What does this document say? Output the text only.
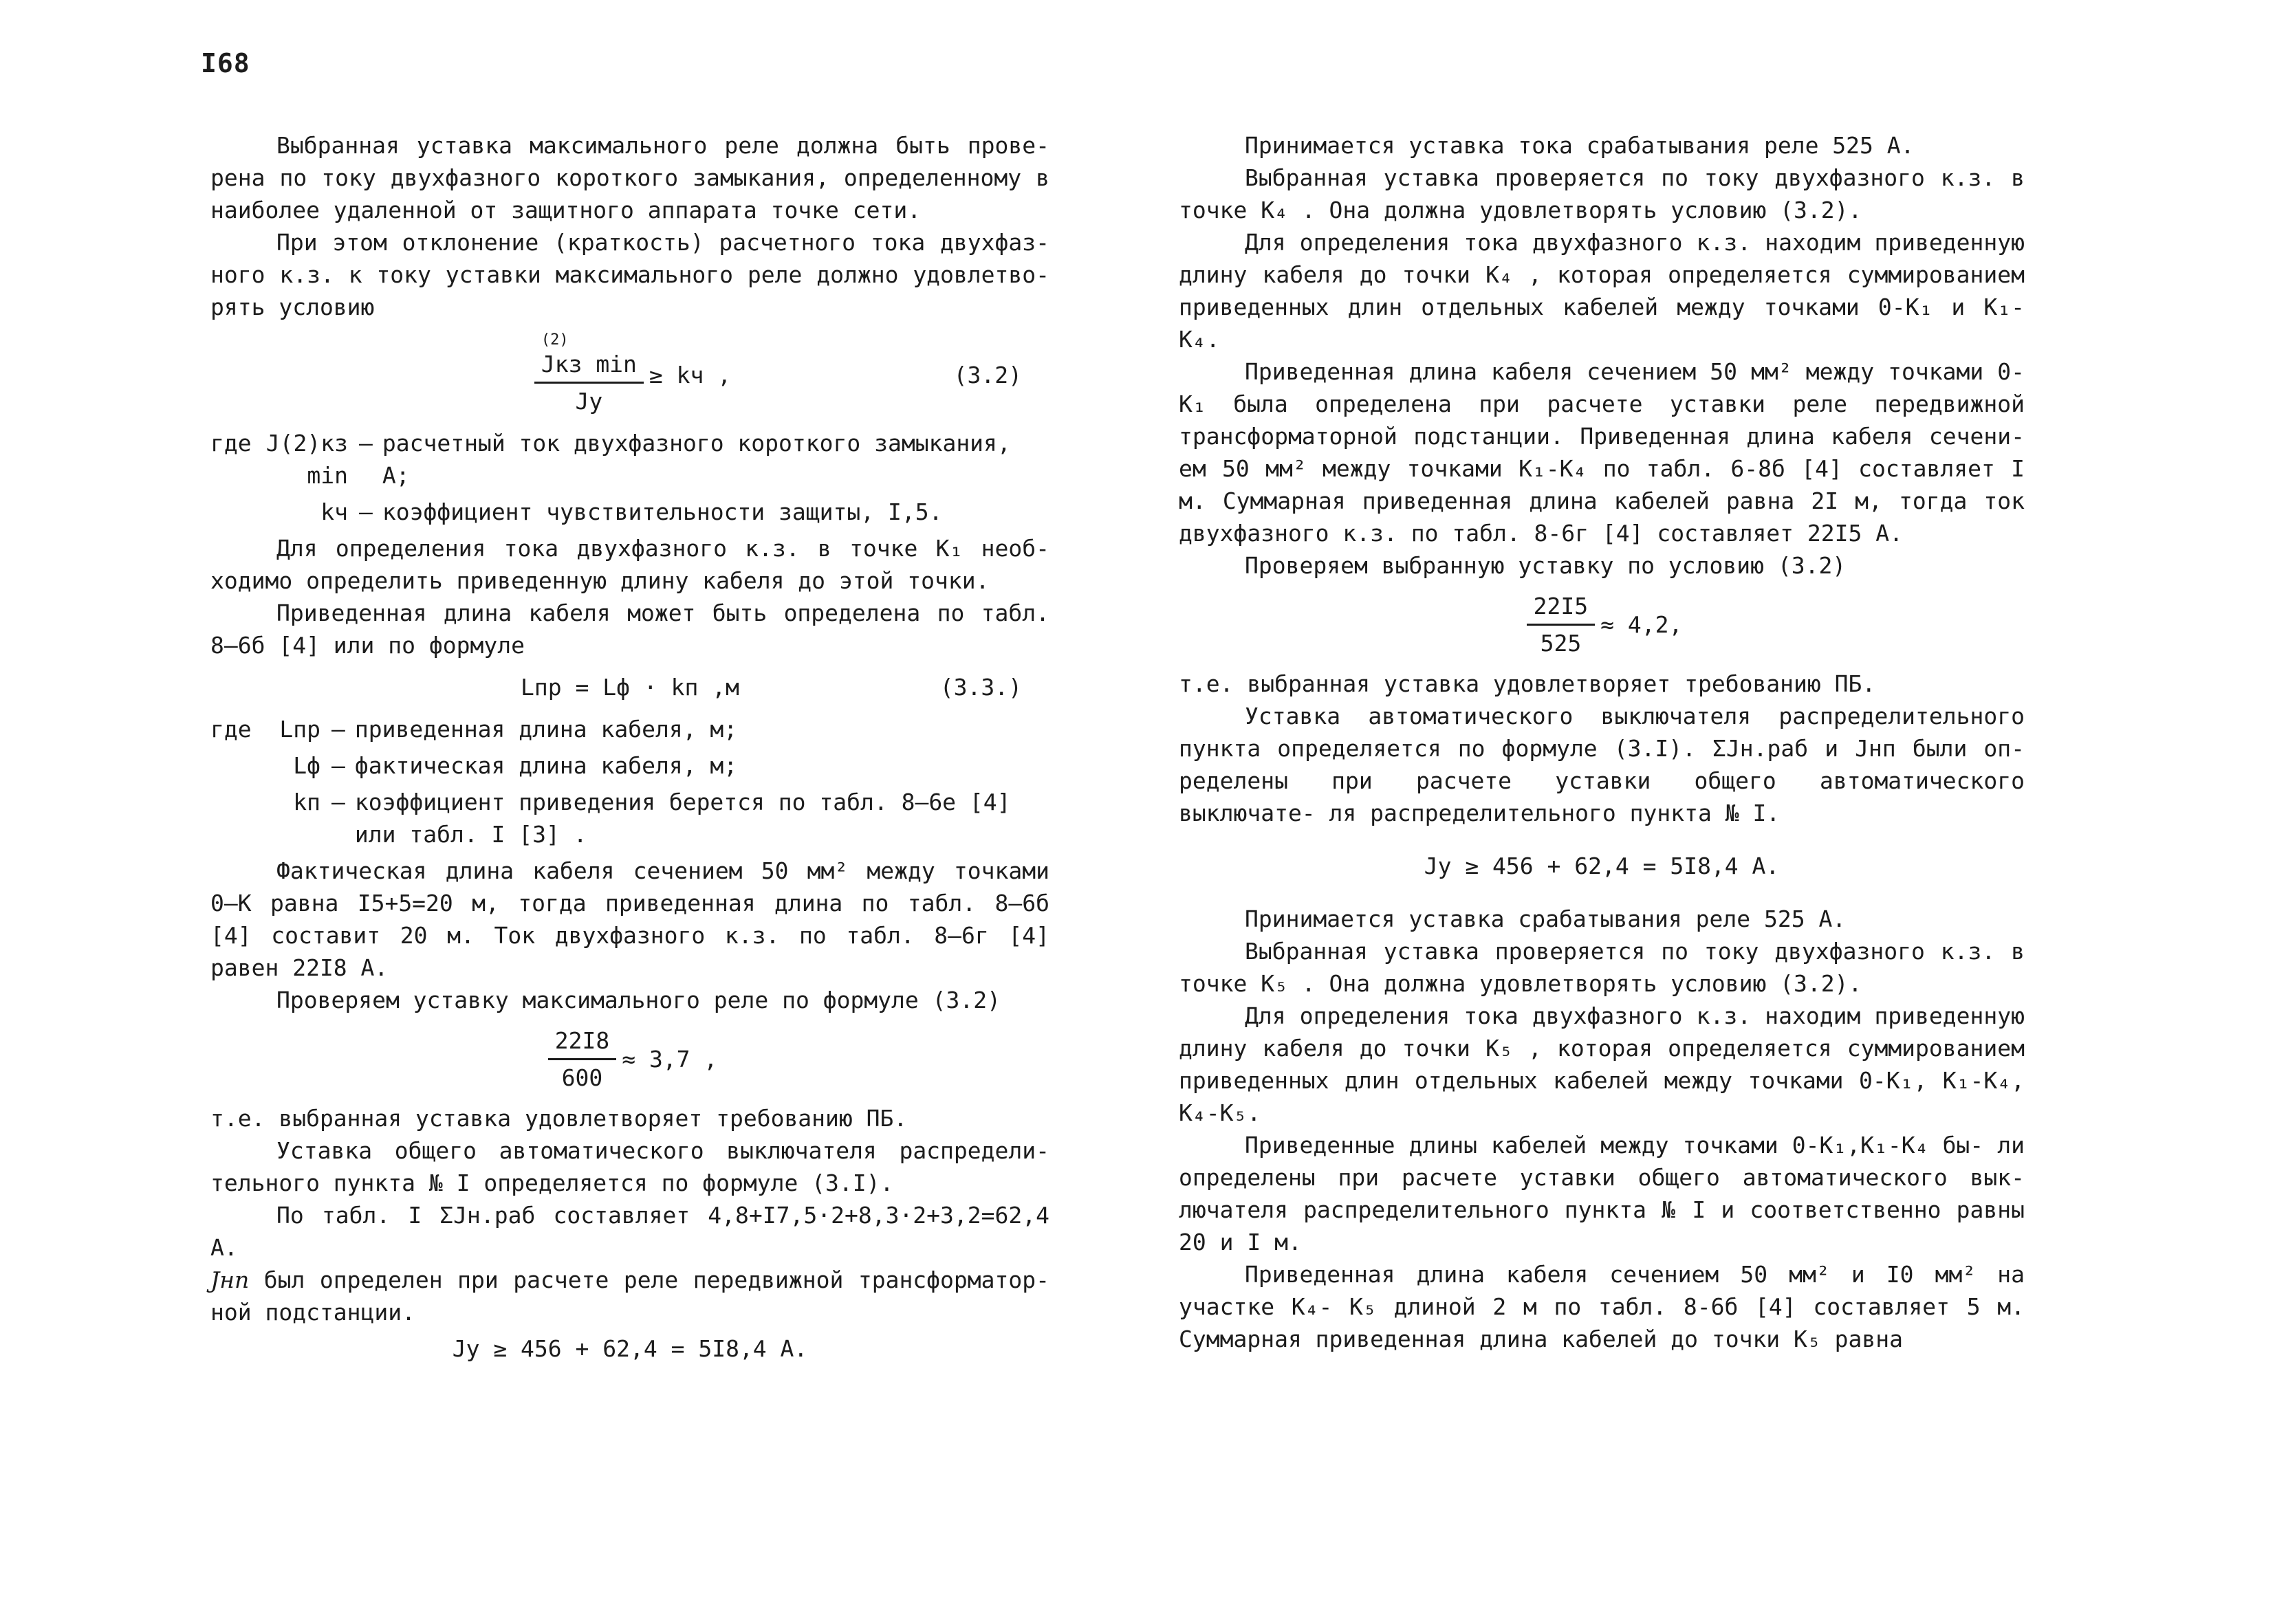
I68

Выбранная уставка максимального реле должна быть прове- рена по току двухфазного короткого замыкания, определенному в наиболее удаленной от защитного аппарата точке сети.

При этом отклонение (краткость) расчетного тока двухфаз- ного к.з. к току уставки максимального реле должно удовлетво- рять условию

(2)
Jкз min
Jу ≥ kч ,	(3.2)
где J(2)кз min
– расчетный ток двухфазного короткого замыкания, А;
kч – коэффициент чувствительности защиты, I,5.

Для определения тока двухфазного к.з. в точке K₁ необ- ходимо определить приведенную длину кабеля до этой точки.

Приведенная длина кабеля может быть определена по табл. 8–6б [4] или по формуле

Lпр = Lф · kп ,м	(3.3.)
где	Lпр – приведенная длина кабеля, м;
Lф – фактическая длина кабеля, м;
kп – коэффициент приведения берется по табл. 8–6е [4] или табл. I [3] .

Фактическая длина кабеля сечением 50 мм² между точками 0–К равна I5+5=20 м, тогда приведенная длина по табл. 8–6б [4] составит 20 м. Ток двухфазного к.з. по табл. 8–6г [4] равен 22I8 А.

Проверяем уставку максимального реле по формуле (3.2)

$\frac{22I8}{600} \approx 3,7$ ,

т.е. выбранная уставка удовлетворяет требованию ПБ.

Уставка общего автоматического выключателя распредели- тельного пункта № I определяется по формуле (3.I).

По табл. I ΣJн.раб составляет 4,8+I7,5·2+8,3·2+3,2=62,4 А.

Jнп был определен при расчете реле передвижной трансформатор- ной подстанции.

Jу ≥ 456 + 62,4 = 5I8,4 А.

Принимается уставка тока срабатывания реле 525 А.

Выбранная уставка проверяется по току двухфазного к.з. в точке K₄ . Она должна удовлетворять условию (3.2).

Для определения тока двухфазного к.з. находим приведенную длину кабеля до точки K₄ , которая определяется суммированием приведенных длин отдельных кабелей между точками 0-K₁ и K₁- K₄.

Приведенная длина кабеля сечением 50 мм² между точками 0-K₁ была определена при расчете уставки реле передвижной трансформаторной подстанции. Приведенная длина кабеля сечени- ем 50 мм² между точками K₁-K₄ по табл. 6-8б [4] составляет I м. Суммарная приведенная длина кабелей равна 2I м, тогда ток двухфазного к.з. по табл. 8-6г [4] составляет 22I5 А.

Проверяем выбранную уставку по условию (3.2)

$\frac{22I5}{525} \approx 4,2$,

т.е. выбранная уставка удовлетворяет требованию ПБ.

Уставка автоматического выключателя распределительного пункта определяется по формуле (3.I). ΣJн.раб и Jнп были оп- ределены при расчете уставки общего автоматического выключате- ля распределительного пункта № I.

Jу ≥ 456 + 62,4 = 5I8,4 А.

Принимается уставка срабатывания реле 525 А.

Выбранная уставка проверяется по току двухфазного к.з. в точке K₅ . Она должна удовлетворять условию (3.2).

Для определения тока двухфазного к.з. находим приведенную длину кабеля до точки K₅ , которая определяется суммированием приведенных длин отдельных кабелей между точками 0-K₁, K₁-K₄, K₄-K₅.

Приведенные длины кабелей между точками 0-K₁,K₁-K₄ бы- ли определены при расчете уставки общего автоматического вык- лючателя распределительного пункта № I и соответственно равны 20 и I м.

Приведенная длина кабеля сечением 50 мм² и I0 мм² на участке K₄- K₅ длиной 2 м по табл. 8-6б [4] составляет 5 м. Суммарная приведенная длина кабелей до точки K₅ равна
